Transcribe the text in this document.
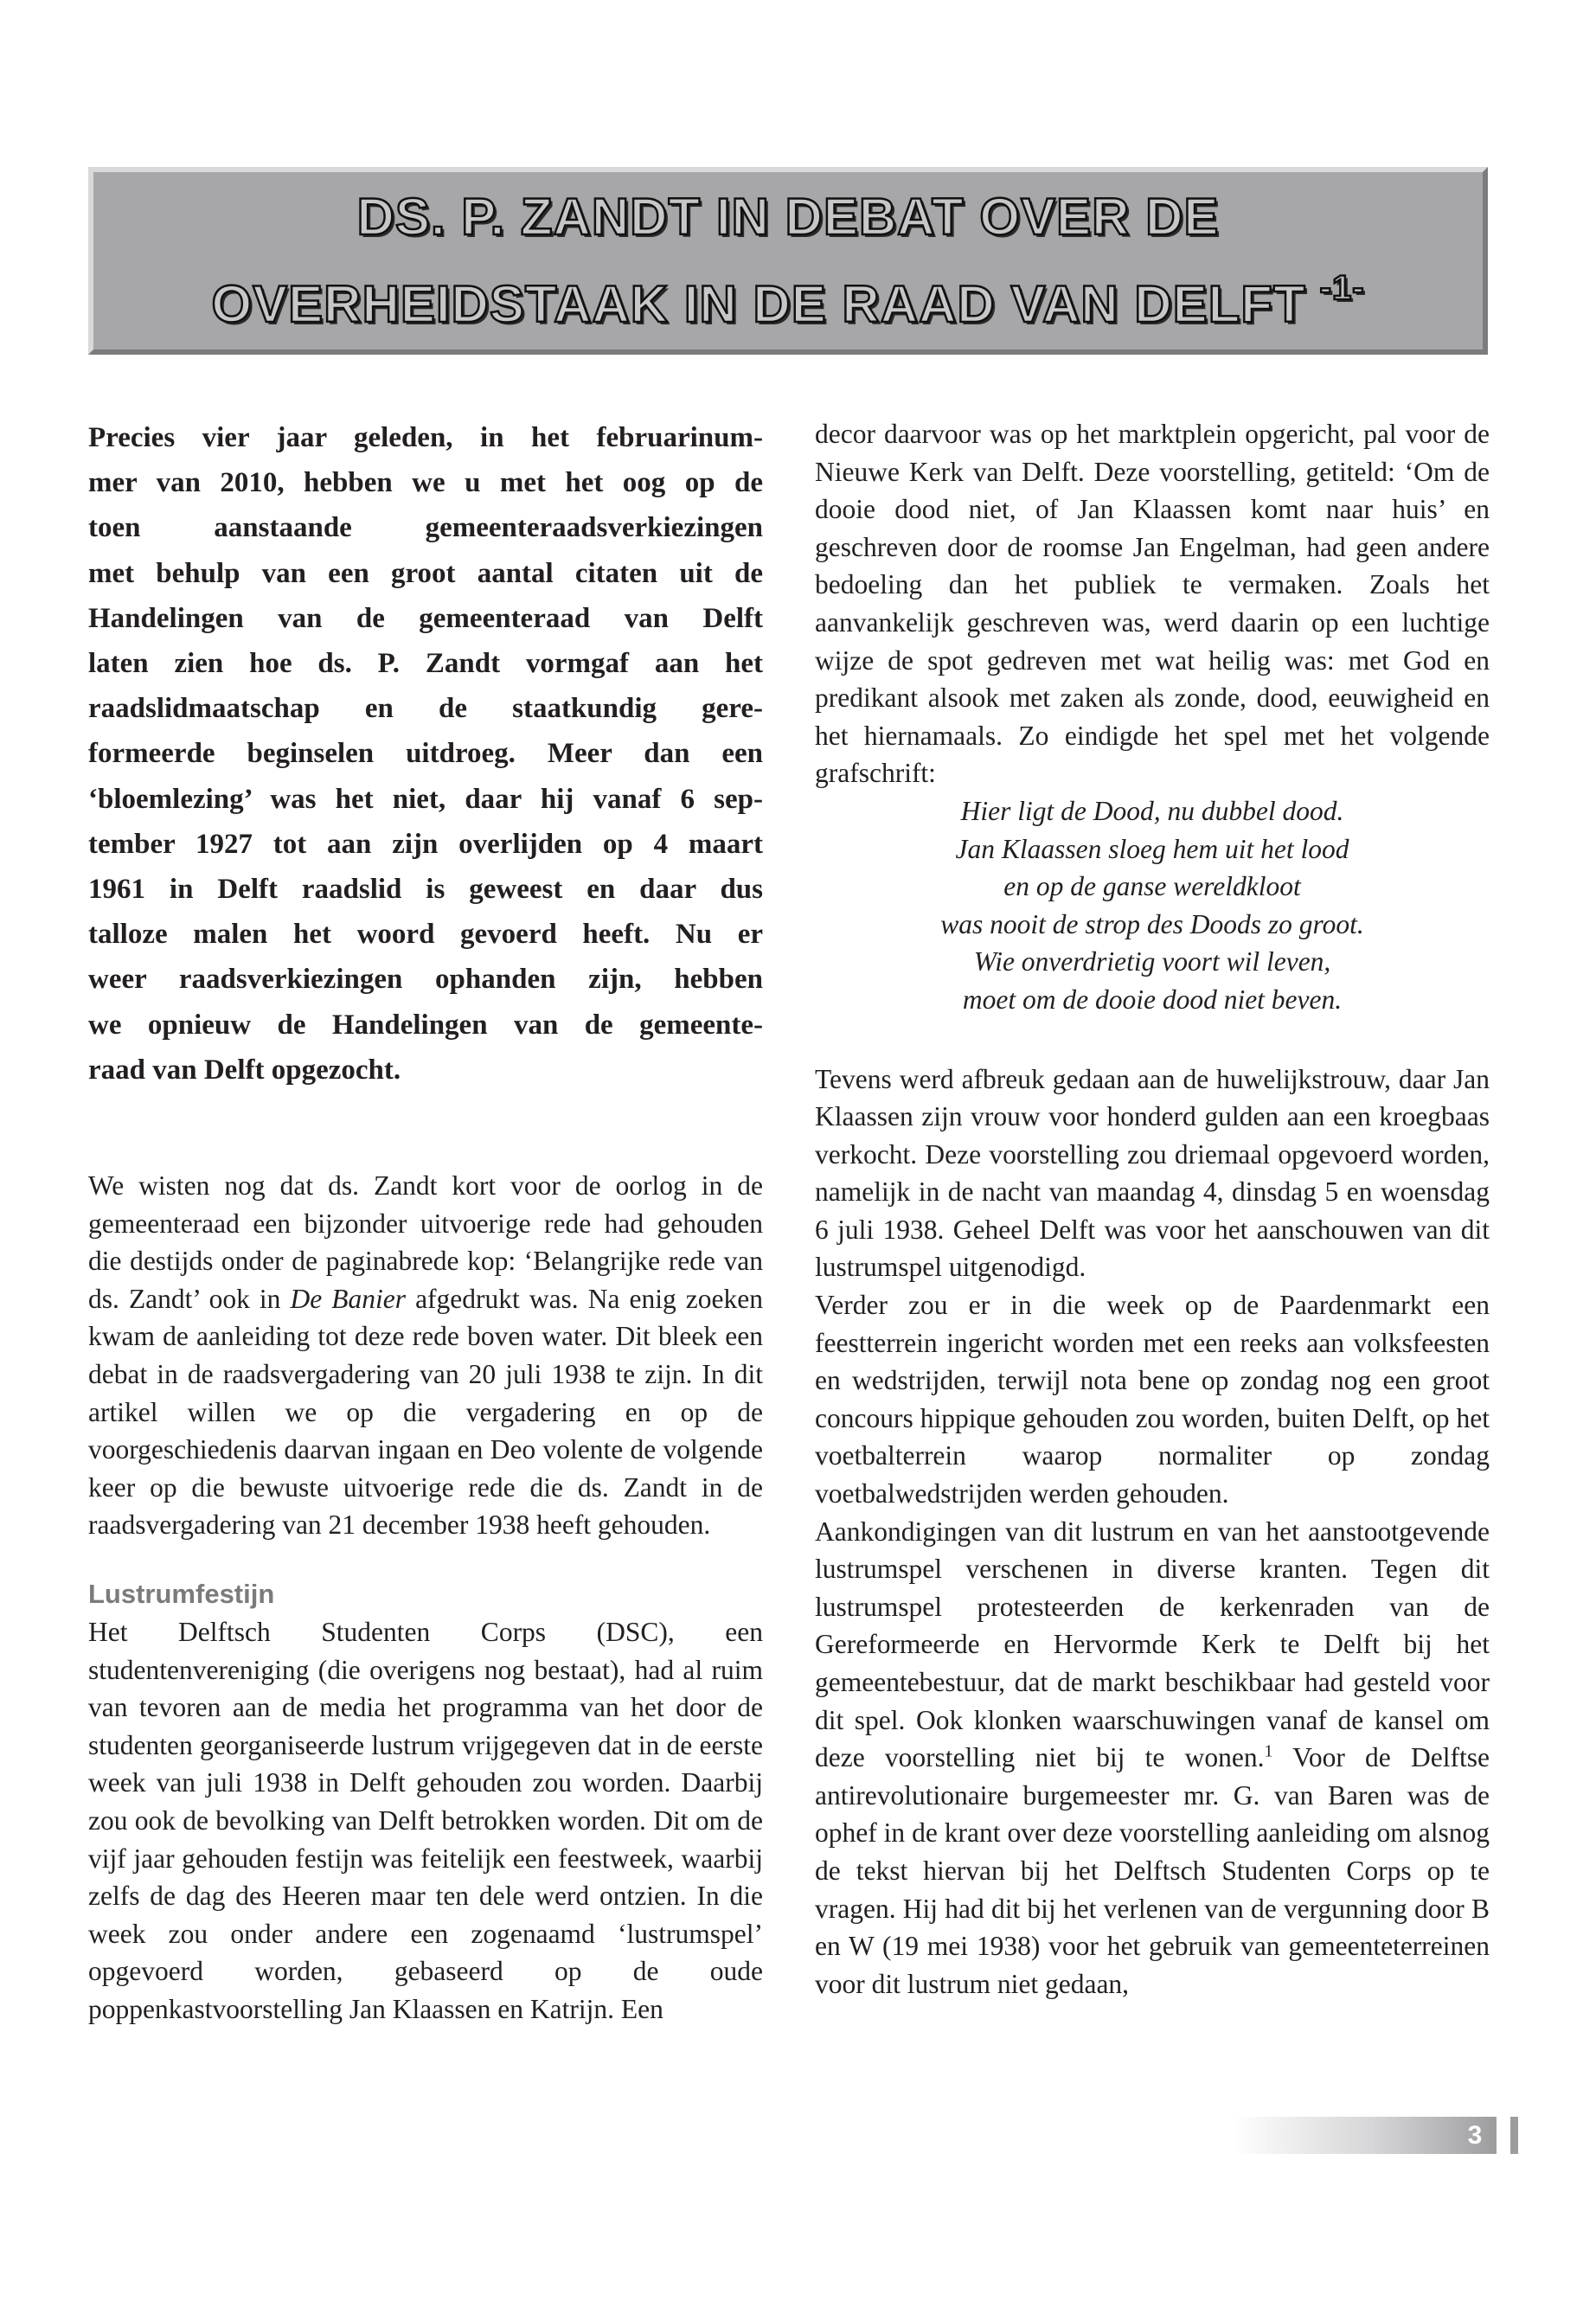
DS. P. ZANDT IN DEBAT OVER DE
OVERHEIDSTAAK IN DE RAAD VAN DELFT $^{-1-}$
Precies vier jaar geleden, in het februarinum-
mer van 2010, hebben we u met het oog op de
toen aanstaande gemeenteraadsverkiezingen
met behulp van een groot aantal citaten uit de
Handelingen van de gemeenteraad van Delft
laten zien hoe ds. P. Zandt vormgaf aan het
raadslidmaatschap en de staatkundig gere-
formeerde beginselen uitdroeg. Meer dan een
‘bloemlezing’ was het niet, daar hij vanaf 6 sep-
tember 1927 tot aan zijn overlijden op 4 maart
1961 in Delft raadslid is geweest en daar dus
talloze malen het woord gevoerd heeft. Nu er
weer raadsverkiezingen ophanden zijn, hebben
we opnieuw de Handelingen van de gemeente-
raad van Delft opgezocht.

We wisten nog dat ds. Zandt kort voor de oorlog in de gemeenteraad een bijzonder uitvoerige rede had gehouden die destijds onder de paginabrede kop: ‘Belangrijke rede van ds. Zandt’ ook in De Banier afgedrukt was. Na enig zoeken kwam de aanleiding tot deze rede boven water. Dit bleek een debat in de raadsvergadering van 20 juli 1938 te zijn. In dit artikel willen we op die vergadering en op de voorgeschiedenis daarvan ingaan en Deo volente de volgende keer op die bewuste uitvoerige rede die ds. Zandt in de raadsvergadering van 21 december 1938 heeft gehouden.

Lustrumfestijn

Het Delftsch Studenten Corps (DSC), een studentenvereniging (die overigens nog bestaat), had al ruim van tevoren aan de media het programma van het door de studenten georganiseerde lustrum vrijgegeven dat in de eerste week van juli 1938 in Delft gehouden zou worden. Daarbij zou ook de bevolking van Delft betrokken worden. Dit om de vijf jaar gehouden festijn was feitelijk een feestweek, waarbij zelfs de dag des Heeren maar ten dele werd ontzien. In die week zou onder andere een zogenaamd ‘lustrumspel’ opgevoerd worden, gebaseerd op de oude poppenkastvoorstelling Jan Klaassen en Katrijn. Een

decor daarvoor was op het marktplein opgericht, pal voor de Nieuwe Kerk van Delft. Deze voorstelling, getiteld: ‘Om de dooie dood niet, of Jan Klaassen komt naar huis’ en geschreven door de roomse Jan Engelman, had geen andere bedoeling dan het publiek te vermaken. Zoals het aanvankelijk geschreven was, werd daarin op een luchtige wijze de spot gedreven met wat heilig was: met God en predikant alsook met zaken als zonde, dood, eeuwigheid en het hiernamaals. Zo eindigde het spel met het volgende grafschrift:

Hier ligt de Dood, nu dubbel dood.
Jan Klaassen sloeg hem uit het lood
en op de ganse wereldkloot
was nooit de strop des Doods zo groot.
Wie onverdrietig voort wil leven,
moet om de dooie dood niet beven.

Tevens werd afbreuk gedaan aan de huwelijkstrouw, daar Jan Klaassen zijn vrouw voor honderd gulden aan een kroegbaas verkocht. Deze voorstelling zou driemaal opgevoerd worden, namelijk in de nacht van maandag 4, dinsdag 5 en woensdag 6 juli 1938. Geheel Delft was voor het aanschouwen van dit lustrumspel uitgenodigd.

Verder zou er in die week op de Paardenmarkt een feestterrein ingericht worden met een reeks aan volksfeesten en wedstrijden, terwijl nota bene op zondag nog een groot concours hippique gehouden zou worden, buiten Delft, op het voetbalterrein waarop normaliter op zondag voetbalwedstrijden werden gehouden.

Aankondigingen van dit lustrum en van het aanstootgevende lustrumspel verschenen in diverse kranten. Tegen dit lustrumspel protesteerden de kerkenraden van de Gereformeerde en Hervormde Kerk te Delft bij het gemeentebestuur, dat de markt beschikbaar had gesteld voor dit spel. Ook klonken waarschuwingen vanaf de kansel om deze voorstelling niet bij te wonen.$^1$ Voor de Delftse antirevolutionaire burgemeester mr. G. van Baren was de ophef in de krant over deze voorstelling aanleiding om alsnog de tekst hiervan bij het Delftsch Studenten Corps op te vragen. Hij had dit bij het verlenen van de vergunning door B en W (19 mei 1938) voor het gebruik van gemeenteterreinen voor dit lustrum niet gedaan,

3
